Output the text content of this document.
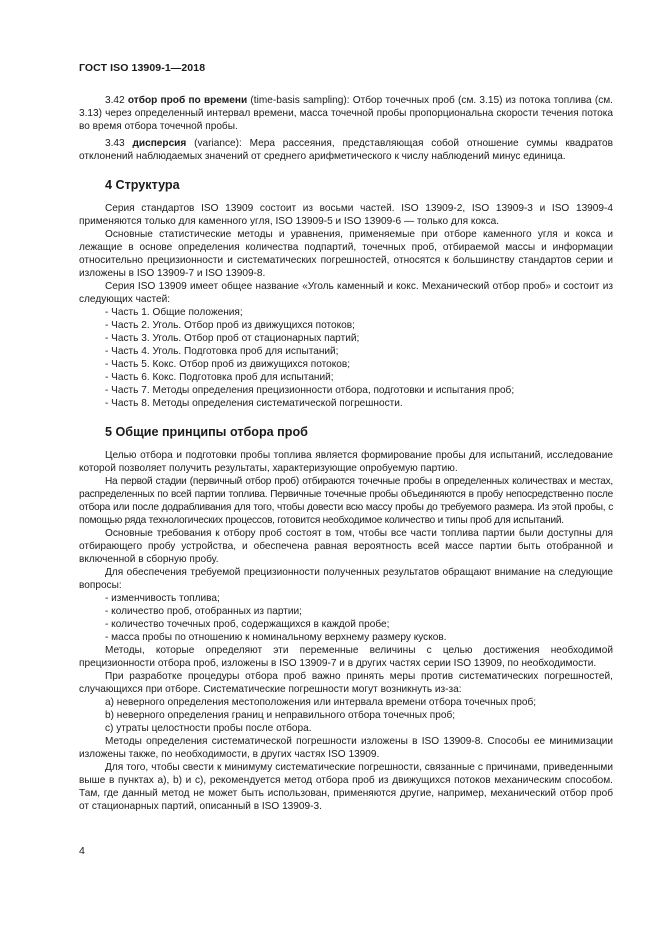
ГОСТ ISO 13909-1—2018

3.42 отбор проб по времени (time-basis sampling): Отбор точечных проб (см. 3.15) из потока топлива (см. 3.13) через определенный интервал времени, масса точечной пробы пропорциональна скорости течения потока во время отбора точечной пробы.

3.43 дисперсия (variance): Мера рассеяния, представляющая собой отношение суммы квадратов отклонений наблюдаемых значений от среднего арифметического к числу наблюдений минус единица.

4 Структура

Серия стандартов ISO 13909 состоит из восьми частей. ISO 13909-2, ISO 13909-3 и ISO 13909-4 применяются только для каменного угля, ISO 13909-5 и ISO 13909-6 — только для кокса.

Основные статистические методы и уравнения, применяемые при отборе каменного угля и кокса и лежащие в основе определения количества подпартий, точечных проб, отбираемой массы и информации относительно прецизионности и систематических погрешностей, относятся к большинству стандартов серии и изложены в ISO 13909-7 и ISO 13909-8.

Серия ISO 13909 имеет общее название «Уголь каменный и кокс. Механический отбор проб» и состоит из следующих частей:

- Часть 1. Общие положения;
- Часть 2. Уголь. Отбор проб из движущихся потоков;
- Часть 3. Уголь. Отбор проб от стационарных партий;
- Часть 4. Уголь. Подготовка проб для испытаний;
- Часть 5. Кокс. Отбор проб из движущихся потоков;
- Часть 6. Кокс. Подготовка проб для испытаний;
- Часть 7. Методы определения прецизионности отбора, подготовки и испытания проб;
- Часть 8. Методы определения систематической погрешности.
5 Общие принципы отбора проб

Целью отбора и подготовки пробы топлива является формирование пробы для испытаний, исследование которой позволяет получить результаты, характеризующие опробуемую партию.

На первой стадии (первичный отбор проб) отбираются точечные пробы в определенных количествах и местах, распределенных по всей партии топлива. Первичные точечные пробы объединяются в пробу непосредственно после отбора или после додрабливания для того, чтобы довести всю массу пробы до требуемого размера. Из этой пробы, с помощью ряда технологических процессов, готовится необходимое количество и типы проб для испытаний.

Основные требования к отбору проб состоят в том, чтобы все части топлива партии были доступны для отбирающего пробу устройства, и обеспечена равная вероятность всей массе партии быть отобранной и включенной в сборную пробу.

Для обеспечения требуемой прецизионности полученных результатов обращают внимание на следующие вопросы:

- изменчивость топлива;
- количество проб, отобранных из партии;
- количество точечных проб, содержащихся в каждой пробе;
- масса пробы по отношению к номинальному верхнему размеру кусков.

Методы, которые определяют эти переменные величины с целью достижения необходимой прецизионности отбора проб, изложены в ISO 13909-7 и в других частях серии ISO 13909, по необходимости.

При разработке процедуры отбора проб важно принять меры против систематических погрешностей, случающихся при отборе. Систематические погрешности могут возникнуть из-за:

а) неверного определения местоположения или интервала времени отбора точечных проб;
b) неверного определения границ и неправильного отбора точечных проб;
c) утраты целостности пробы после отбора.

Методы определения систематической погрешности изложены в ISO 13909-8. Способы ее минимизации изложены также, по необходимости, в других частях ISO 13909.

Для того, чтобы свести к минимуму систематические погрешности, связанные с причинами, приведенными выше в пунктах а), b) и с), рекомендуется метод отбора проб из движущихся потоков механическим способом. Там, где данный метод не может быть использован, применяются другие, например, механический отбор проб от стационарных партий, описанный в ISO 13909-3.

4
